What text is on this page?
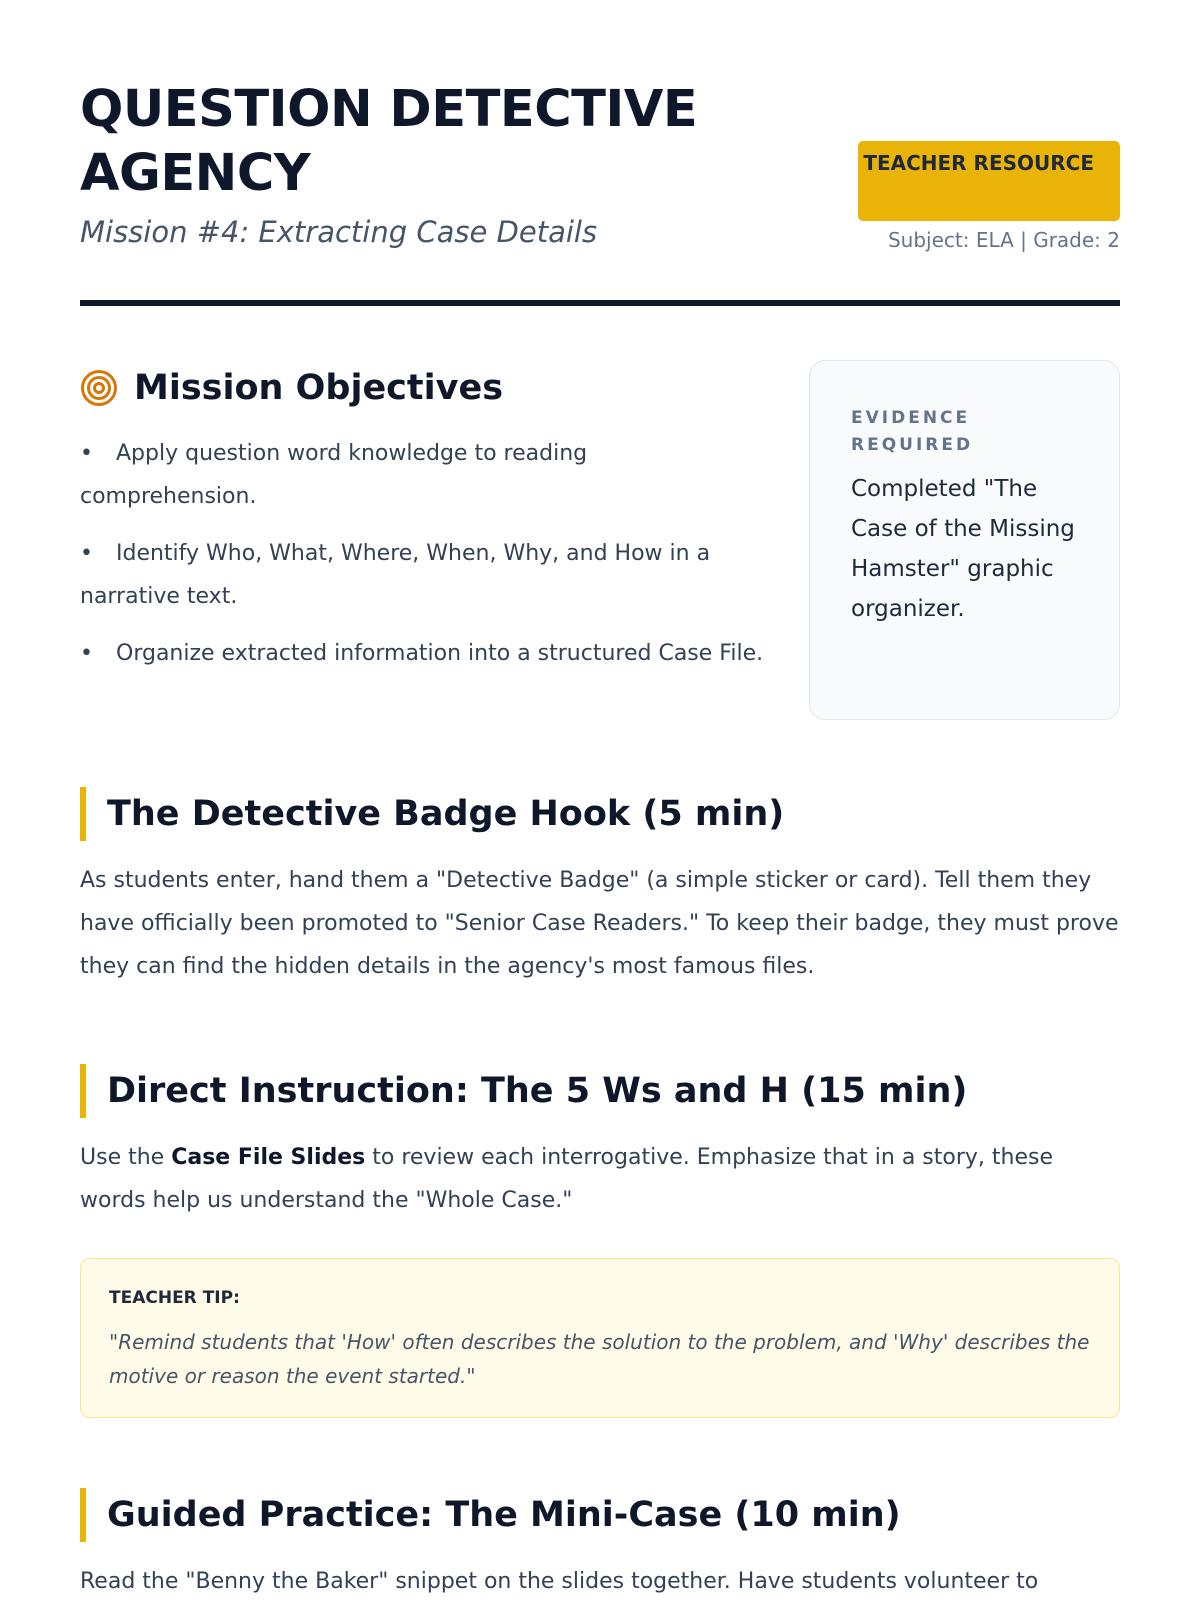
QUESTION DETECTIVE AGENCY
Mission #4: Extracting Case Details
TEACHER RESOURCE
Subject: ELA | Grade: 2
Mission Objectives
• Apply question word knowledge to reading comprehension.
• Identify Who, What, Where, When, Why, and How in a narrative text.
• Organize extracted information into a structured Case File.
EVIDENCE REQUIRED
Completed "The Case of the Missing Hamster" graphic organizer.
The Detective Badge Hook (5 min)

As students enter, hand them a "Detective Badge" (a simple sticker or card). Tell them they have officially been promoted to "Senior Case Readers." To keep their badge, they must prove they can find the hidden details in the agency's most famous files.

Direct Instruction: The 5 Ws and H (15 min)

Use the Case File Slides to review each interrogative. Emphasize that in a story, these words help us understand the "Whole Case."

TEACHER TIP:
"Remind students that 'How' often describes the solution to the problem, and 'Why' describes the motive or reason the event started."
Guided Practice: The Mini-Case (10 min)

Read the "Benny the Baker" snippet on the slides together. Have students volunteer to
